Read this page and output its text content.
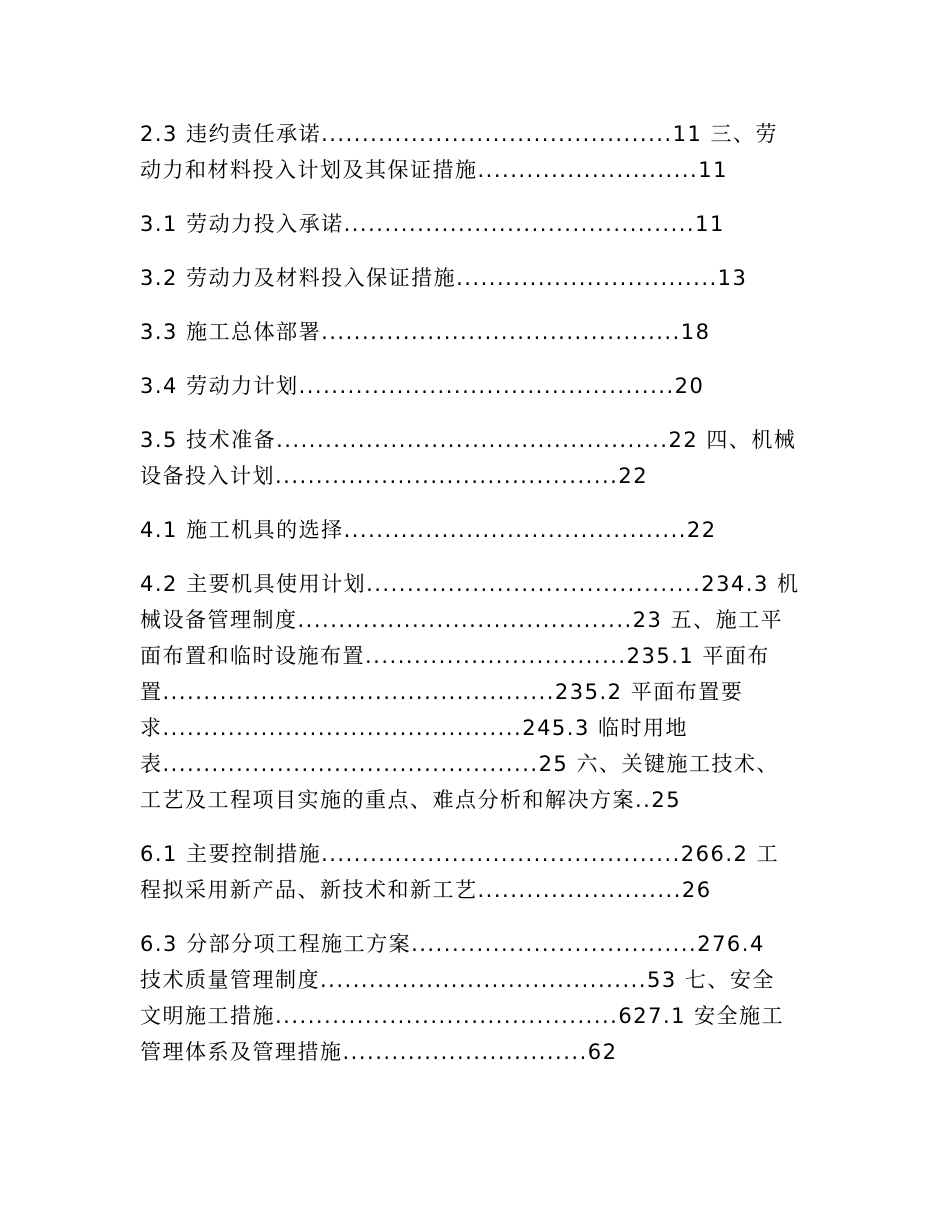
2.3 违约责任承诺...........................................11 三、劳
动力和材料投入计划及其保证措施...........................11
3.1 劳动力投入承诺...........................................11
3.2 劳动力及材料投入保证措施................................13
3.3 施工总体部署............................................18
3.4 劳动力计划..............................................20
3.5 技术准备................................................22 四、机械
设备投入计划..........................................22
4.1 施工机具的选择..........................................22
4.2 主要机具使用计划.........................................234.3 机
械设备管理制度.........................................23 五、施工平
面布置和临时设施布置................................235.1 平面布
置................................................235.2 平面布置要
求............................................245.3 临时用地
表..............................................25 六、关键施工技术、
工艺及工程项目实施的重点、难点分析和解决方案..25
6.1 主要控制措施............................................266.2 工
程拟采用新产品、新技术和新工艺.........................26
6.3 分部分项工程施工方案...................................276.4
技术质量管理制度........................................53 七、安全
文明施工措施..........................................627.1 安全施工
管理体系及管理措施..............................62
